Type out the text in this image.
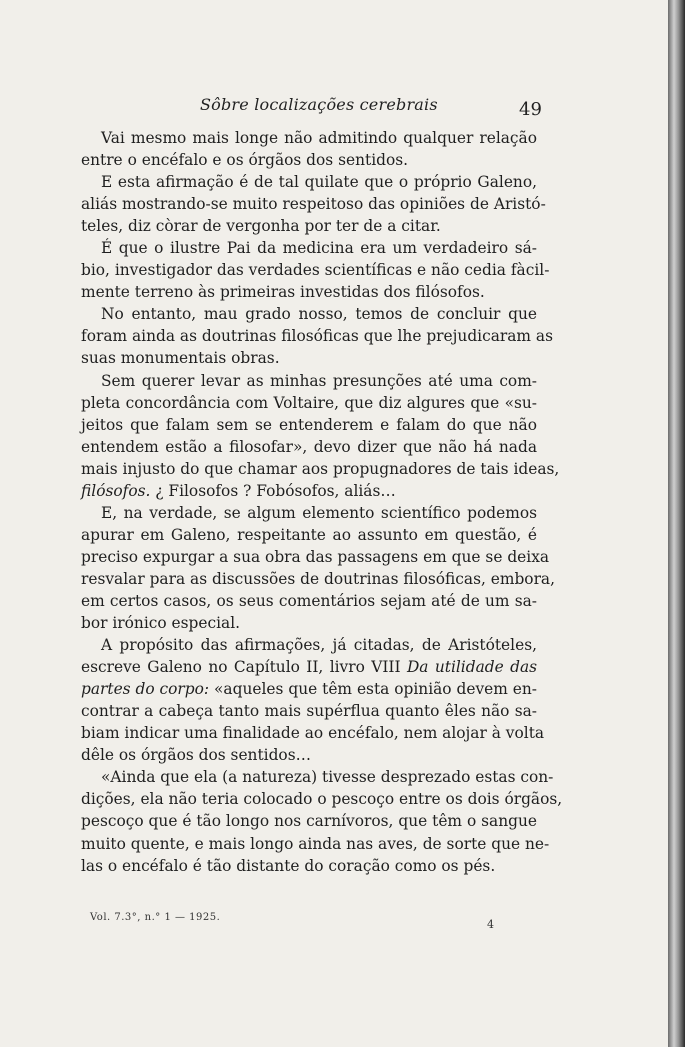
Sôbre localizações cerebrais	49

Vai mesmo mais longe não admitindo qualquer relação
entre o encéfalo e os órgãos dos sentidos.

E esta afirmação é de tal quilate que o próprio Galeno,
aliás mostrando-se muito respeitoso das opiniões de Aristó-
teles, diz còrar de vergonha por ter de a citar.

É que o ilustre Pai da medicina era um verdadeiro sá-
bio, investigador das verdades scientíficas e não cedia fàcil-
mente terreno às primeiras investidas dos filósofos.

No entanto, mau grado nosso, temos de concluir que
foram ainda as doutrinas filosóficas que lhe prejudicaram as
suas monumentais obras.

Sem querer levar as minhas presunções até uma com-
pleta concordância com Voltaire, que diz algures que «su-
jeitos que falam sem se entenderem e falam do que não
entendem estão a filosofar», devo dizer que não há nada
mais injusto do que chamar aos propugnadores de tais ideas,
filósofos. ¿ Filosofos ? Fobósofos, aliás…

E, na verdade, se algum elemento scientífico podemos
apurar em Galeno, respeitante ao assunto em questão, é
preciso expurgar a sua obra das passagens em que se deixa
resvalar para as discussões de doutrinas filosóficas, embora,
em certos casos, os seus comentários sejam até de um sa-
bor irónico especial.

A propósito das afirmações, já citadas, de Aristóteles,
escreve Galeno no Capítulo II, livro VIII Da utilidade das
partes do corpo: «aqueles que têm esta opinião devem en-
contrar a cabeça tanto mais supérflua quanto êles não sa-
biam indicar uma finalidade ao encéfalo, nem alojar à volta
dêle os órgãos dos sentidos…

«Ainda que ela (a natureza) tivesse desprezado estas con-
dições, ela não teria colocado o pescoço entre os dois órgãos,
pescoço que é tão longo nos carnívoros, que têm o sangue
muito quente, e mais longo ainda nas aves, de sorte que ne-
las o encéfalo é tão distante do coração como os pés.

Vol. 7.3°, n.° 1 — 1925.
4
